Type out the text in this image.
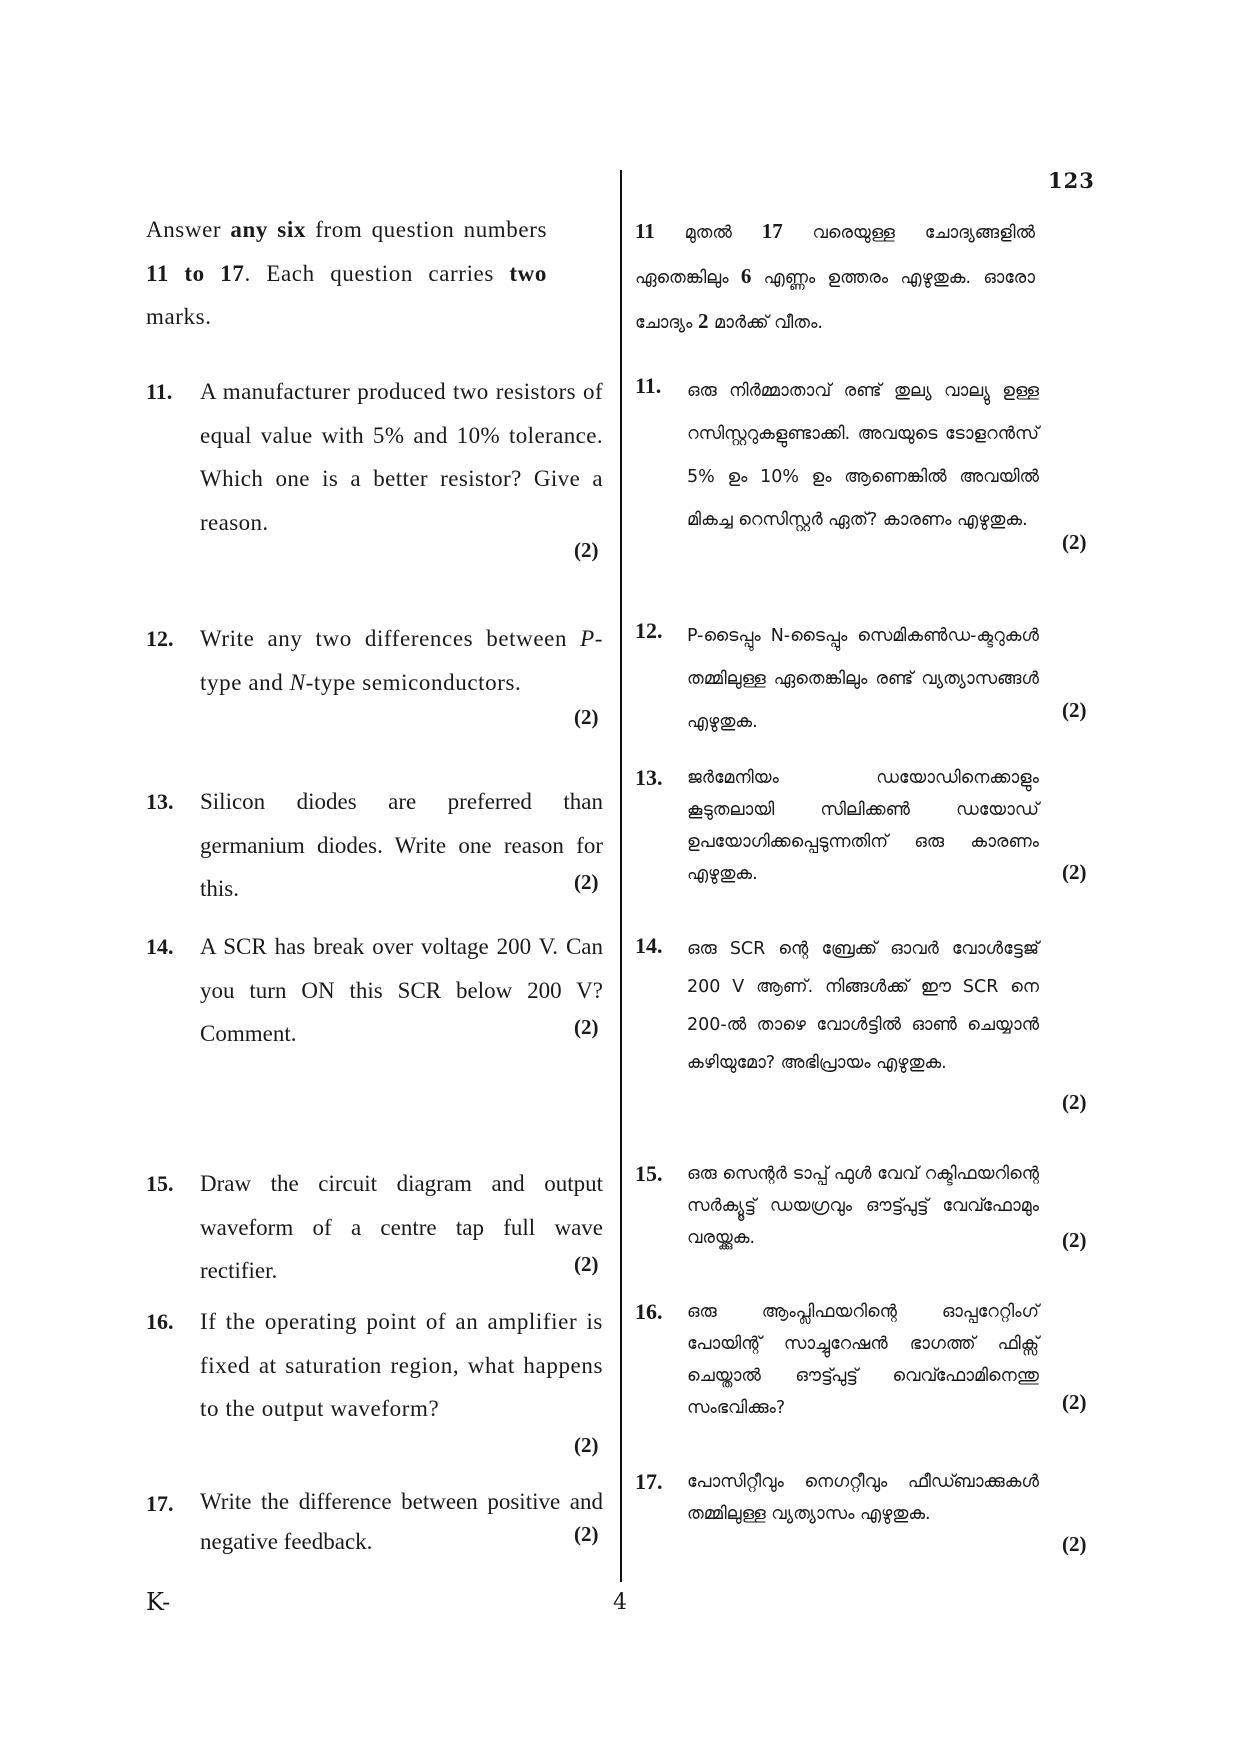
123
Answer any six from question numbers 11 to 17. Each question carries two marks.
11 മുതൽ 17 വരെയുള്ള ചോദ്യങ്ങളിൽ ഏതെങ്കിലും 6 എണ്ണം ഉത്തരം എഴുതുക. ഓരോ ചോദ്യം 2 മാർക്ക് വീതം.
11. A manufacturer produced two resistors of equal value with 5% and 10% tolerance. Which one is a better resistor? Give a reason.
(2)
12. Write any two differences between P-type and N-type semiconductors.
(2)
13. Silicon diodes are preferred than germanium diodes. Write one reason for this.	(2)
14. A SCR has break over voltage 200 V. Can you turn ON this SCR below 200 V? Comment.	(2)
15. Draw the circuit diagram and output waveform of a centre tap full wave rectifier.	(2)
16. If the operating point of an amplifier is fixed at saturation region, what happens to the output waveform?
(2)
17. Write the difference between positive and negative feedback.	(2)
11. ഒരു നിർമ്മാതാവ് രണ്ട് തുല്യ വാല്യു ഉള്ള റസിസ്റ്ററുകളുണ്ടാക്കി. അവയുടെ ടോളറൻസ് 5% ഉം 10% ഉം ആണെങ്കിൽ അവയിൽ മികച്ച റെസിസ്റ്റർ ഏത്? കാരണം എഴുതുക.
(2)
12. P-ടൈപ്പും N-ടൈപ്പും സെമികൺഡ-ക്ടറുകൾ തമ്മിലുള്ള ഏതെങ്കിലും രണ്ട് വ്യത്യാസങ്ങൾ എഴുതുക.	(2)
13. ജർമേനിയം ഡയോഡിനെക്കാളും കൂടുതലായി സിലിക്കൺ ഡയോഡ് ഉപയോഗിക്കപ്പെടുന്നതിന് ഒരു കാരണം എഴുതുക.	(2)
14. ഒരു SCR ന്റെ ബ്രേക്ക് ഓവർ വോൾട്ടേജ് 200 V ആണ്. നിങ്ങൾക്ക് ഈ SCR നെ 200-ൽ താഴെ വോൾട്ടിൽ ഓൺ ചെയ്യാൻ കഴിയുമോ? അഭിപ്രായം എഴുതുക.
(2)
15. ഒരു സെന്റർ ടാപ്പ് ഫുൾ വേവ് റക്ടിഫയറിന്റെ സർക്യൂട്ട് ഡയഗ്രവും ഔട്ട്പുട്ട് വേവ്ഫോമും വരയ്ക്കുക.	(2)
16. ഒരു ആംപ്ലിഫയറിന്റെ ഓപ്പറേറ്റിംഗ് പോയിന്റ് സാച്ചുറേഷൻ ഭാഗത്ത് ഫിക്സ് ചെയ്താൽ ഔട്ട്പുട്ട് വെവ്ഫോമിനെന്തു സംഭവിക്കും?	(2)
17. പോസിറ്റീവും നെഗറ്റീവും ഫീഡ്ബാക്കുകൾ തമ്മിലുള്ള വ്യത്യാസം എഴുതുക.
(2)
K-	4
